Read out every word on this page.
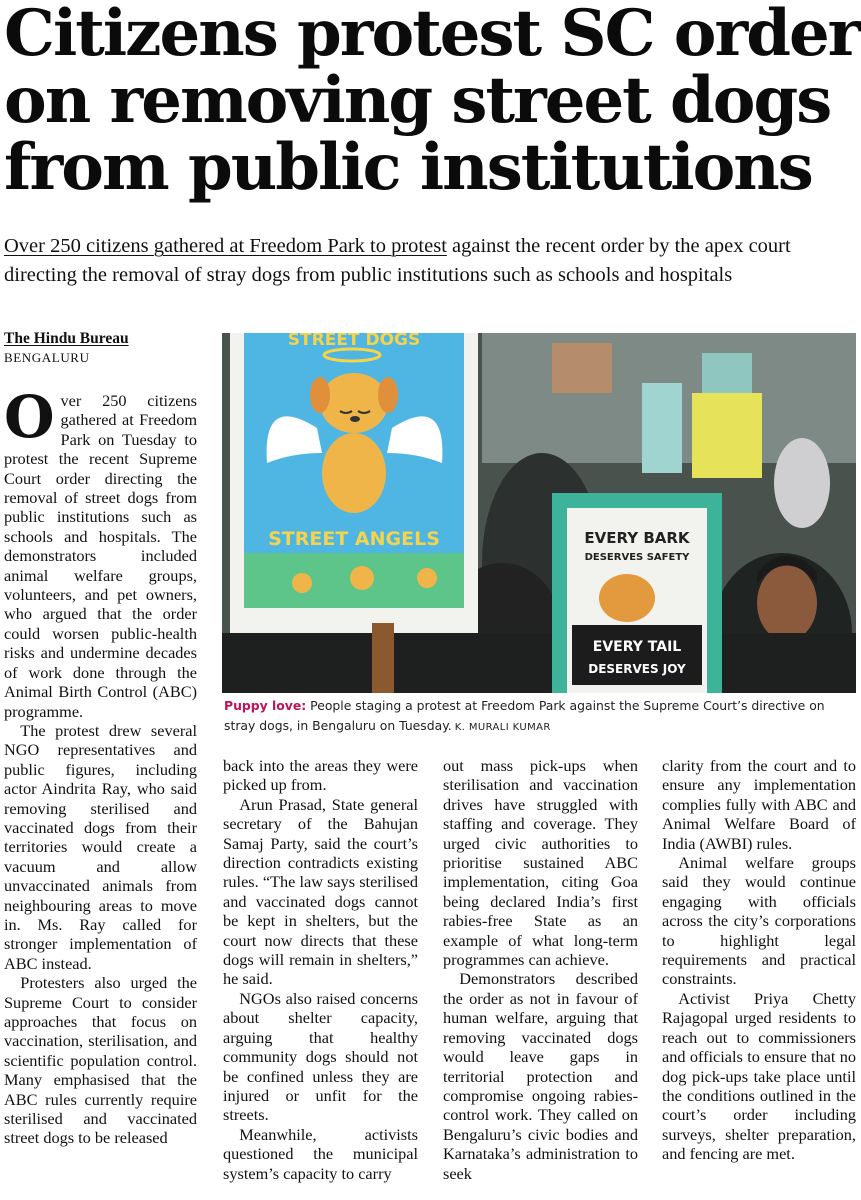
Citizens protest SC order
on removing street dogs
from public institutions
Over 250 citizens gathered at Freedom Park to protest against the recent order by the apex court directing the removal of stray dogs from public institutions such as schools and hospitals
The Hindu Bureau
BENGALURU
STREET DOGS
STREET ANGELS	EVERY BARK
DESERVES SAFETY
EVERY TAIL
DESERVES JOY
Puppy love: People staging a protest at Freedom Park against the Supreme Court’s directive on stray dogs, in Bengaluru on Tuesday. K. MURALI KUMAR

Over 250 citizens gathered at Freedom Park on Tuesday to protest the recent Supreme Court order directing the removal of street dogs from public institutions such as schools and hospitals. The demonstrators included animal welfare groups, volunteers, and pet owners, who argued that the order could worsen public-health risks and undermine decades of work done through the Animal Birth Control (ABC) programme.

The protest drew several NGO representatives and public figures, including actor Aindrita Ray, who said removing sterilised and vaccinated dogs from their territories would create a vacuum and allow unvaccinated animals from neighbouring areas to move in. Ms. Ray called for stronger implementation of ABC instead.

Protesters also urged the Supreme Court to consider approaches that focus on vaccination, sterilisation, and scientific population control. Many emphasised that the ABC rules currently require sterilised and vaccinated street dogs to be released

back into the areas they were picked up from.

Arun Prasad, State general secretary of the Bahujan Samaj Party, said the court’s direction contradicts existing rules. “The law says sterilised and vaccinated dogs cannot be kept in shelters, but the court now directs that these dogs will remain in shelters,” he said.

NGOs also raised concerns about shelter capacity, arguing that healthy community dogs should not be confined unless they are injured or unfit for the streets.

Meanwhile, activists questioned the municipal system’s capacity to carry

out mass pick-ups when sterilisation and vaccination drives have struggled with staffing and coverage. They urged civic authorities to prioritise sustained ABC implementation, citing Goa being declared India’s first rabies-free State as an example of what long-term programmes can achieve.

Demonstrators described the order as not in favour of human welfare, arguing that removing vaccinated dogs would leave gaps in territorial protection and compromise ongoing rabies-control work. They called on Bengaluru’s civic bodies and Karnataka’s administration to seek

clarity from the court and to ensure any implementation complies fully with ABC and Animal Welfare Board of India (AWBI) rules.

Animal welfare groups said they would continue engaging with officials across the city’s corporations to highlight legal requirements and practical constraints.

Activist Priya Chetty Rajagopal urged residents to reach out to commissioners and officials to ensure that no dog pick-ups take place until the conditions outlined in the court’s order including surveys, shelter preparation, and fencing are met.
